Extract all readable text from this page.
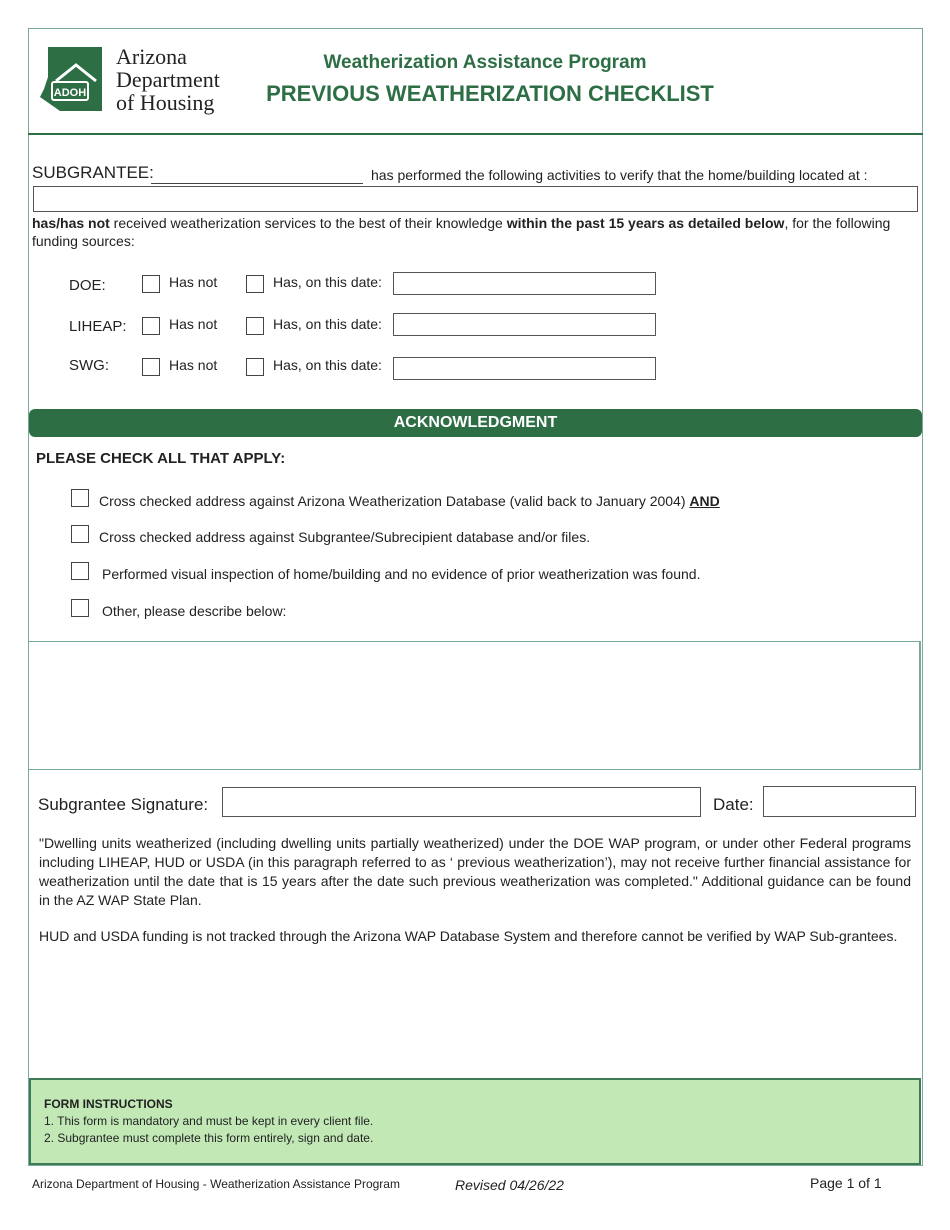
ADOH
Arizona
Department
of Housing
Weatherization Assistance Program
PREVIOUS WEATHERIZATION CHECKLIST
SUBGRANTEE:	has performed the following activities to verify that the home/building located at :
has/has not received weatherization services to the best of their knowledge within the past 15 years as detailed below, for the following funding sources:
DOE:	Has not	Has, on this date:
LIHEAP:	Has not	Has, on this date:
SWG:	Has not	Has, on this date:
ACKNOWLEDGMENT
PLEASE CHECK ALL THAT APPLY:
Cross checked address against Arizona Weatherization Database (valid back to January 2004) AND
Cross checked address against Subgrantee/Subrecipient database and/or files.
Performed visual inspection of home/building and no evidence of prior weatherization was found.
Other, please describe below:
Subgrantee Signature:	Date:
"Dwelling units weatherized (including dwelling units partially weatherized) under the DOE WAP program, or under other Federal programs including LIHEAP, HUD or USDA (in this paragraph referred to as ‘ previous weatherization’), may not receive further financial assistance for weatherization until the date that is 15 years after the date such previous weatherization was completed." Additional guidance can be found in the AZ WAP State Plan.
HUD and USDA funding is not tracked through the Arizona WAP Database System and therefore cannot be verified by WAP Sub-grantees.
FORM INSTRUCTIONS
1. This form is mandatory and must be kept in every client file.
2. Subgrantee must complete this form entirely, sign and date.
Arizona Department of Housing - Weatherization Assistance Program	Revised 04/26/22	Page 1 of 1
